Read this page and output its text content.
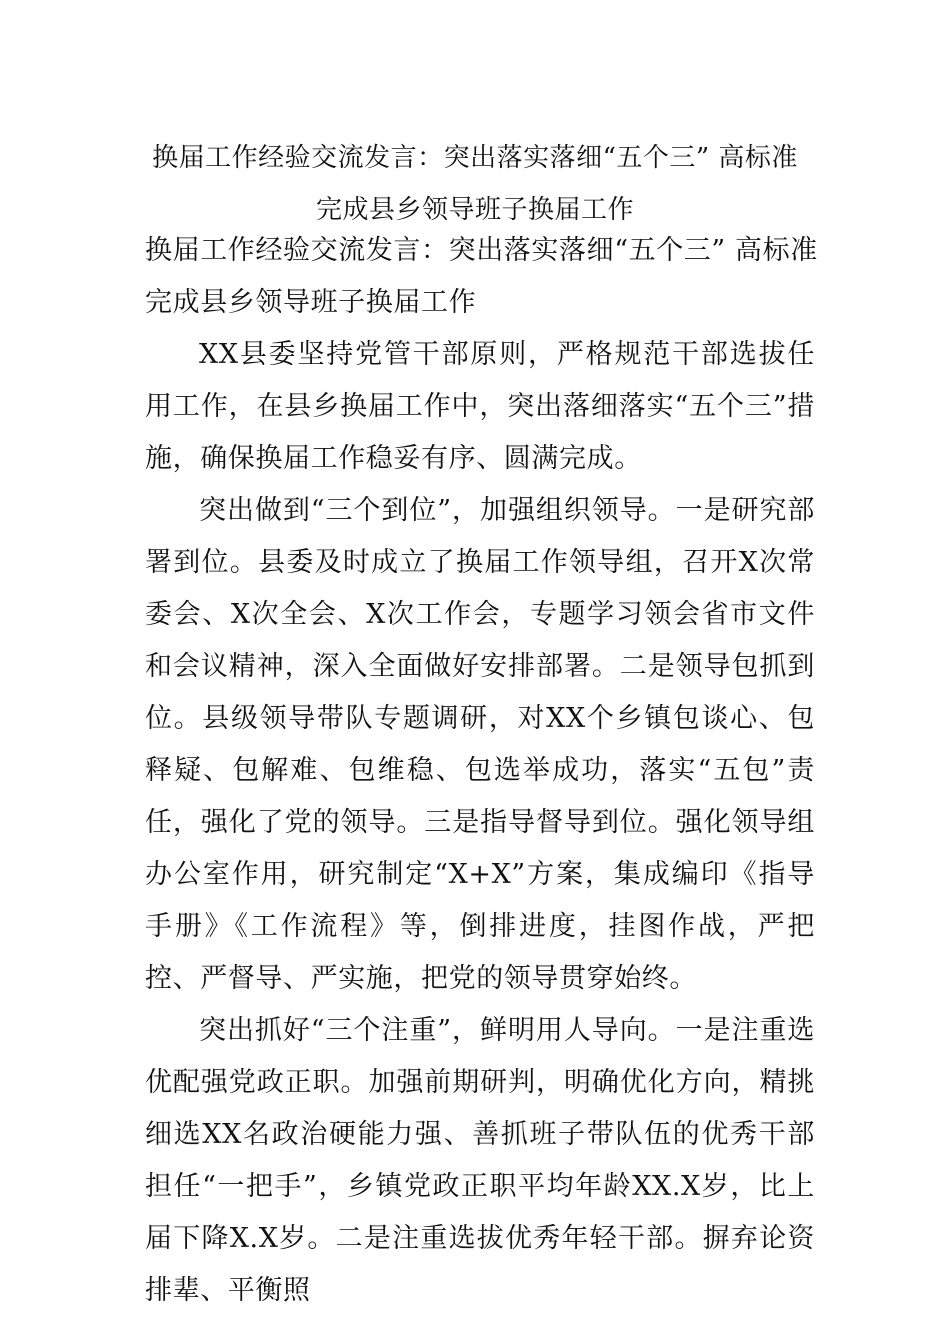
换届工作经验交流发言：突出落实落细“五个三” 高标准
完成县乡领导班子换届工作

换届工作经验交流发言：突出落实落细“五个三” 高标准

完成县乡领导班子换届工作

XX县委坚持党管干部原则，严格规范干部选拔任用工作，在县乡换届工作中，突出落细落实“五个三”措施，确保换届工作稳妥有序、圆满完成。

突出做到“三个到位”，加强组织领导。一是研究部署到位。县委及时成立了换届工作领导组，召开X次常委会、X次全会、X次工作会，专题学习领会省市文件和会议精神，深入全面做好安排部署。二是领导包抓到位。县级领导带队专题调研，对XX个乡镇包谈心、包释疑、包解难、包维稳、包选举成功，落实“五包”责任，强化了党的领导。三是指导督导到位。强化领导组办公室作用，研究制定“X+X”方案，集成编印《指导手册》《工作流程》等，倒排进度，挂图作战，严把控、严督导、严实施，把党的领导贯穿始终。

突出抓好“三个注重”，鲜明用人导向。一是注重选优配强党政正职。加强前期研判，明确优化方向，精挑细选XX名政治硬能力强、善抓班子带队伍的优秀干部担任“一把手”，乡镇党政正职平均年龄XX.X岁，比上届下降X.X岁。二是注重选拔优秀年轻干部。摒弃论资排辈、平衡照
